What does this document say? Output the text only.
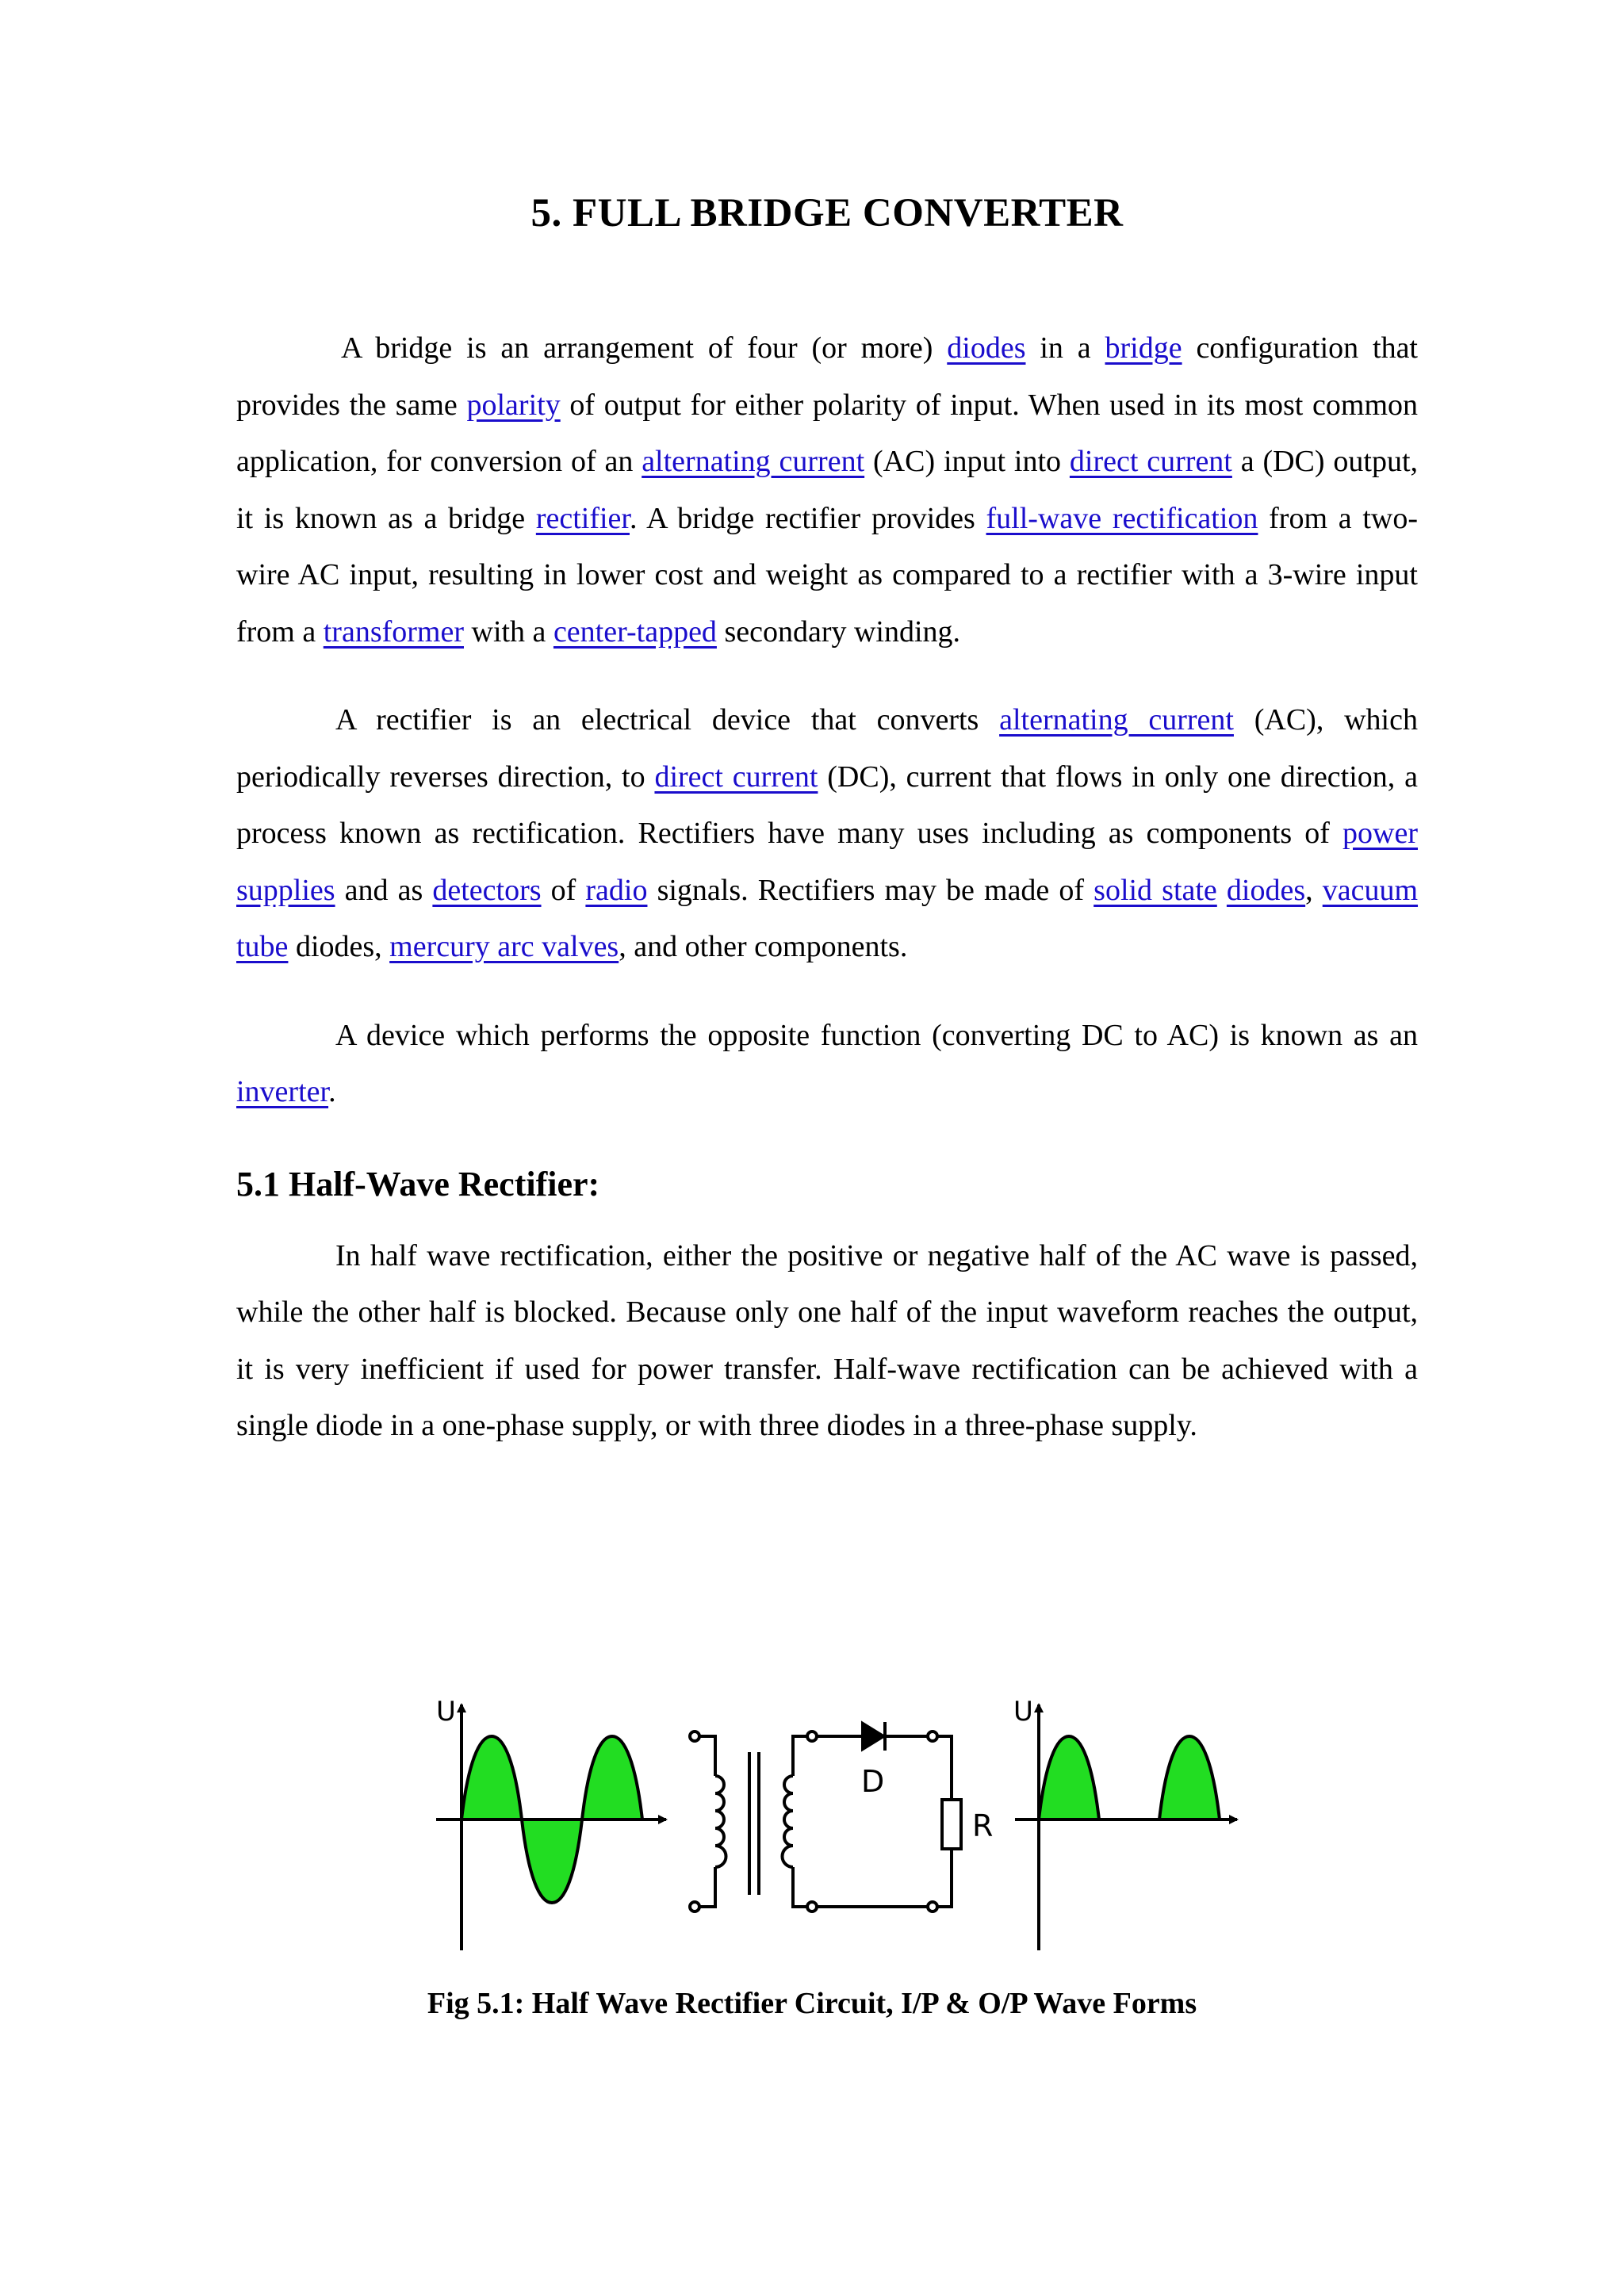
5. FULL BRIDGE CONVERTER

A bridge is an arrangement of four (or more) diodes in a bridge configuration that provides the same polarity of output for either polarity of input. When used in its most common application, for conversion of an alternating current (AC) input into direct current a (DC) output, it is known as a bridge rectifier. A bridge rectifier provides full-wave rectification from a two-wire AC input, resulting in lower cost and weight as compared to a rectifier with a 3-wire input from a transformer with a center-tapped secondary winding.

A rectifier is an electrical device that converts alternating current (AC), which periodically reverses direction, to direct current (DC), current that flows in only one direction, a process known as rectification. Rectifiers have many uses including as components of power supplies and as detectors of radio signals. Rectifiers may be made of solid state diodes, vacuum tube diodes, mercury arc valves, and other components.

A device which performs the opposite function (converting DC to AC) is known as an inverter.

5.1 Half-Wave Rectifier:

In half wave rectification, either the positive or negative half of the AC wave is passed, while the other half is blocked. Because only one half of the input waveform reaches the output, it is very inefficient if used for power transfer. Half-wave rectification can be achieved with a single diode in a one-phase supply, or with three diodes in a three-phase supply.

U
D
R
U
Fig 5.1: Half Wave Rectifier Circuit, I/P & O/P Wave Forms
